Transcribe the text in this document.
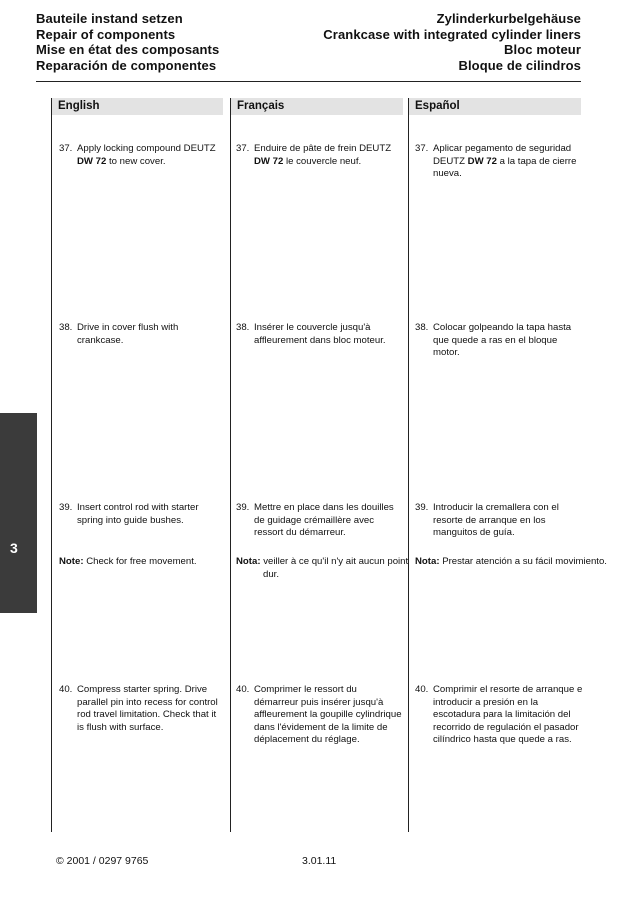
Bauteile instand setzen
Repair of components
Mise en état des composants
Reparación de componentes
Zylinderkurbelgehäuse
Crankcase with integrated cylinder liners
Bloc moteur
Bloque de cilindros
English	Français	Español
3
37. Apply locking compound DEUTZ
DW 72 to new cover.
38. Drive in cover flush with crankcase.
39. Insert control rod with starter spring into guide bushes.
Note: Check for free movement.
40. Compress starter spring. Drive parallel pin into recess for control rod travel limitation. Check that it is flush with surface.
37. Enduire de pâte de frein DEUTZ
DW 72 le couvercle neuf.
38. Insérer le couvercle jusqu'à affleurement dans bloc moteur.
39. Mettre en place dans les douilles de guidage crémaillère avec ressort du démarreur.
Nota: veiller à ce qu'il n'y ait aucun point dur.
40. Comprimer le ressort du démarreur puis insérer jusqu'à affleurement la goupille cylindrique dans l'évidement de la limite de déplacement du réglage.
37. Aplicar pegamento de seguridad DEUTZ DW 72 a la tapa de cierre nueva.
38. Colocar golpeando la tapa hasta que quede a ras en el bloque motor.
39. Introducir la cremallera con el resorte de arranque en los manguitos de guía.
Nota: Prestar atención a su fácil movimiento.
40. Comprimir el resorte de arranque e introducir a presión en la escotadura para la limitación del recorrido de regulación el pasador cilíndrico hasta que quede a ras.
© 2001 / 0297 9765	3.01.11
